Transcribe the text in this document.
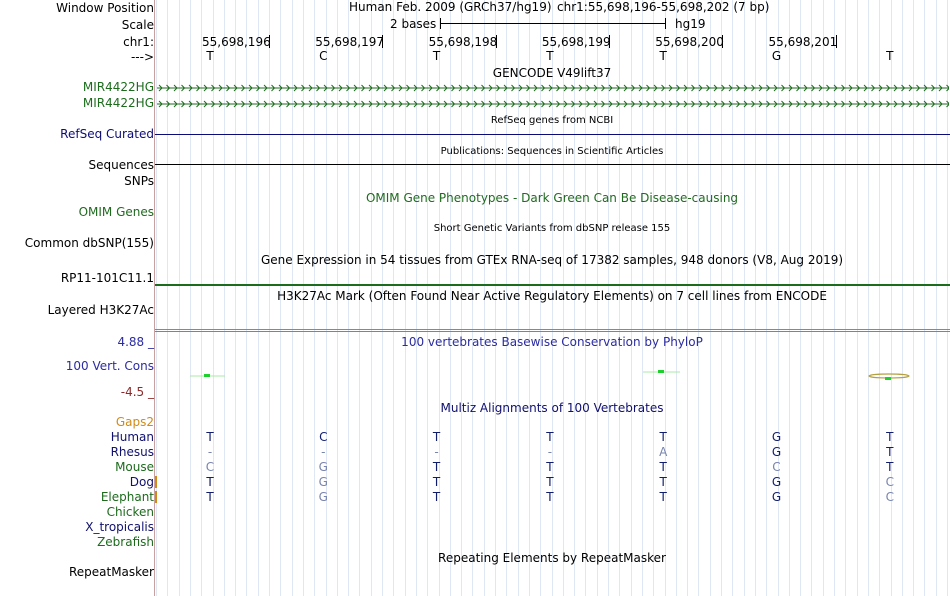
Window Position	Human Feb. 2009 (GRCh37/hg19) chr1:55,698,196-55,698,202 (7 bp)
Scale	2 bases	hg19
chr1:
--->
GENCODE V49lift37
MIR4422HG
MIR4422HG
RefSeq genes from NCBI
RefSeq Curated
Publications: Sequences in Scientific Articles
Sequences
SNPs
OMIM Gene Phenotypes - Dark Green Can Be Disease-causing
OMIM Genes
Short Genetic Variants from dbSNP release 155
Common dbSNP(155)
Gene Expression in 54 tissues from GTEx RNA-seq of 17382 samples, 948 donors (V8, Aug 2019)
RP11-101C11.1
H3K27Ac Mark (Often Found Near Active Regulatory Elements) on 7 cell lines from ENCODE
Layered H3K27Ac
100 vertebrates Basewise Conservation by PhyloP
4.88 _
100 Vert. Cons
-4.5 _
Multiz Alignments of 100 Vertebrates
Gaps2
Repeating Elements by RepeatMasker
RepeatMasker
55,698,196	55,698,197	55,698,198	55,698,199	55,698,200	55,698,201
T	C	T	T	T	G	T
Human	T	C	T	T	T	G	T
Rhesus	-	-	-	-	A	G	T
Mouse	C	G	T	T	T	C	T
Dog	T	G	T	T	T	G	C
Elephant	T	G	T	T	T	G	C
Chicken
X_tropicalis
Zebrafish
